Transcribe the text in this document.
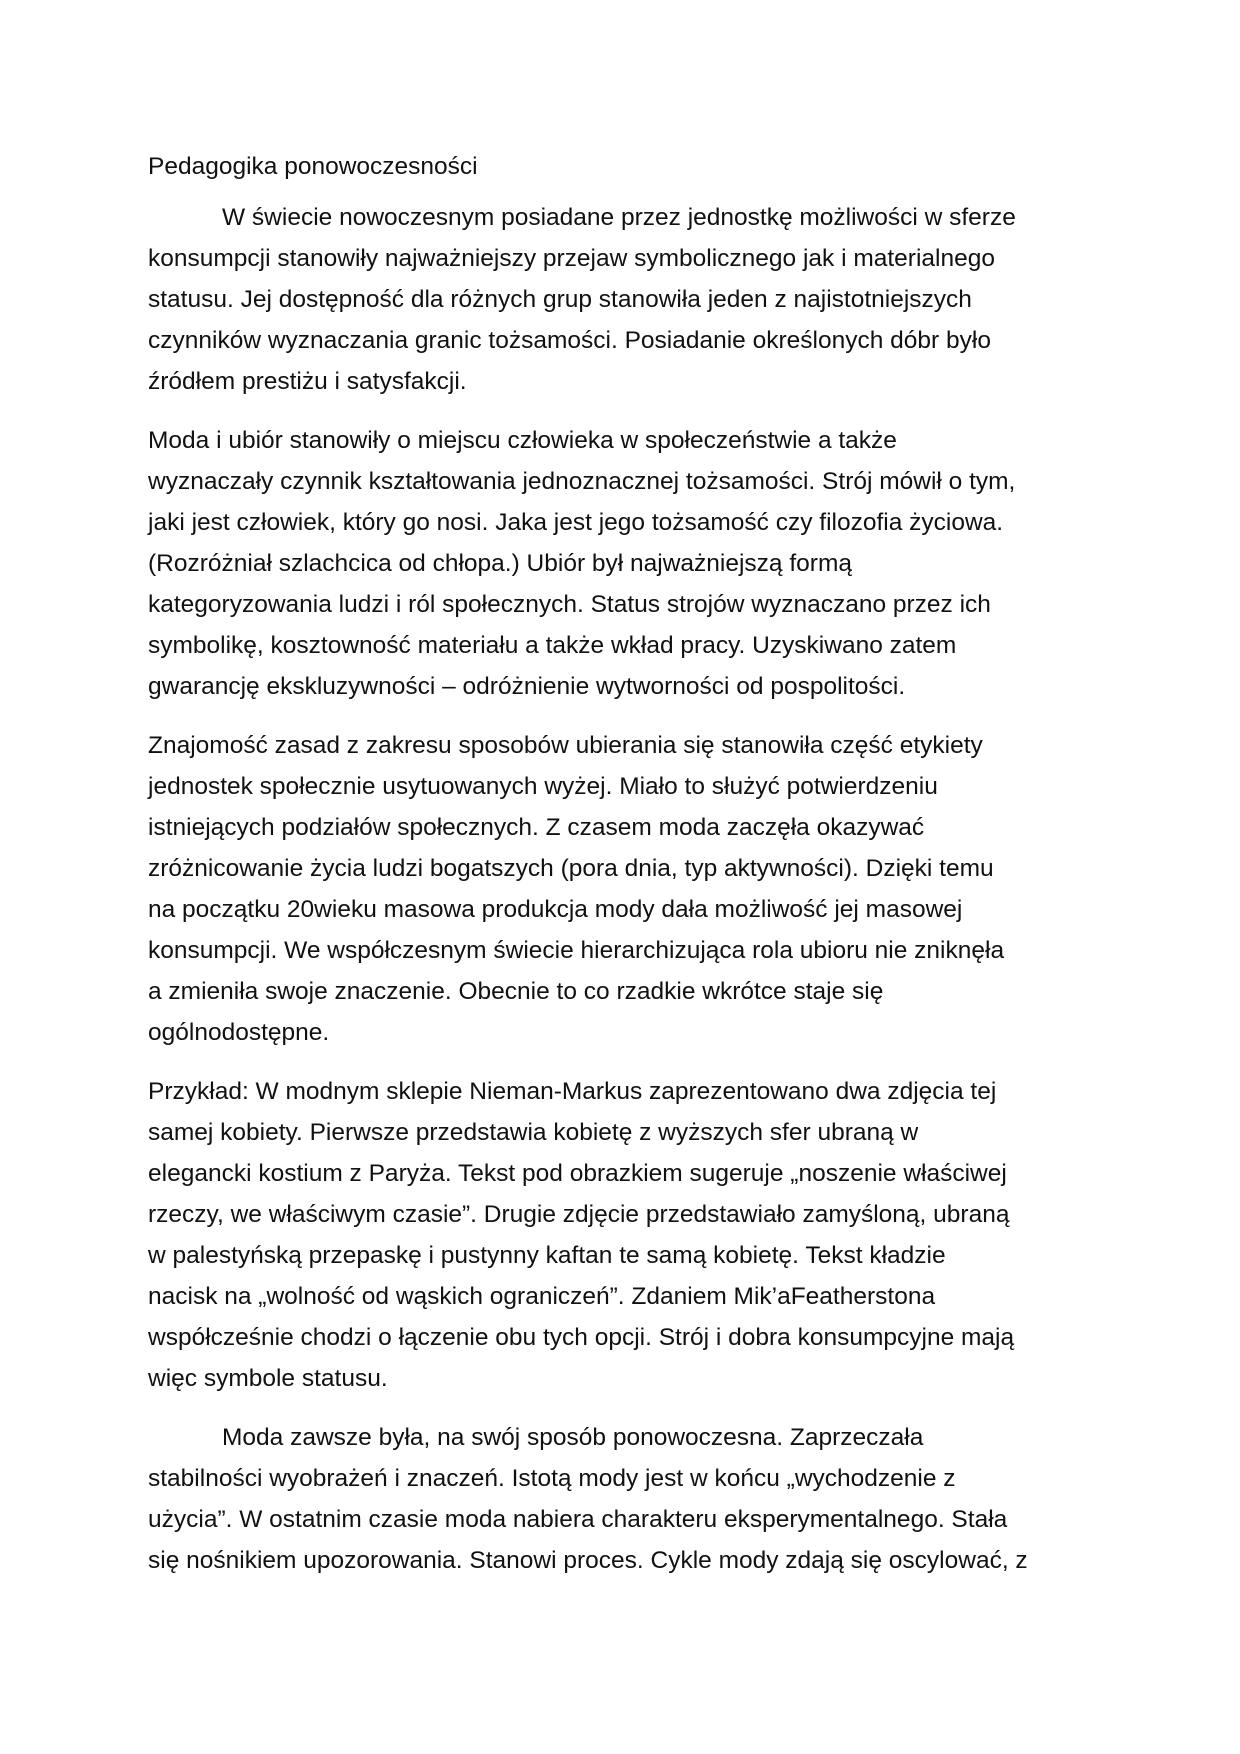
Pedagogika ponowoczesności
W świecie nowoczesnym posiadane przez jednostkę możliwości w sferze
konsumpcji stanowiły najważniejszy przejaw symbolicznego jak i materialnego
statusu. Jej dostępność dla różnych grup stanowiła jeden z najistotniejszych
czynników wyznaczania granic tożsamości. Posiadanie określonych dóbr było
źródłem prestiżu i satysfakcji.
Moda i ubiór stanowiły o miejscu człowieka w społeczeństwie a także
wyznaczały czynnik kształtowania jednoznacznej tożsamości. Strój mówił o tym,
jaki jest człowiek, który go nosi. Jaka jest jego tożsamość czy filozofia życiowa.
(Rozróżniał szlachcica od chłopa.) Ubiór był najważniejszą formą
kategoryzowania ludzi i ról społecznych. Status strojów wyznaczano przez ich
symbolikę, kosztowność materiału a także wkład pracy. Uzyskiwano zatem
gwarancję ekskluzywności – odróżnienie wytworności od pospolitości.
Znajomość zasad z zakresu sposobów ubierania się stanowiła część etykiety
jednostek społecznie usytuowanych wyżej. Miało to służyć potwierdzeniu
istniejących podziałów społecznych. Z czasem moda zaczęła okazywać
zróżnicowanie życia ludzi bogatszych (pora dnia, typ aktywności). Dzięki temu
na początku 20wieku masowa produkcja mody dała możliwość jej masowej
konsumpcji. We współczesnym świecie hierarchizująca rola ubioru nie zniknęła
a zmieniła swoje znaczenie. Obecnie to co rzadkie wkrótce staje się
ogólnodostępne.
Przykład: W modnym sklepie Nieman-Markus zaprezentowano dwa zdjęcia tej
samej kobiety. Pierwsze przedstawia kobietę z wyższych sfer ubraną w
elegancki kostium z Paryża. Tekst pod obrazkiem sugeruje „noszenie właściwej
rzeczy, we właściwym czasie”. Drugie zdjęcie przedstawiało zamyśloną, ubraną
w palestyńską przepaskę i pustynny kaftan te samą kobietę. Tekst kładzie
nacisk na „wolność od wąskich ograniczeń”. Zdaniem Mik’aFeatherstona
współcześnie chodzi o łączenie obu tych opcji. Strój i dobra konsumpcyjne mają
więc symbole statusu.
Moda zawsze była, na swój sposób ponowoczesna. Zaprzeczała
stabilności wyobrażeń i znaczeń. Istotą mody jest w końcu „wychodzenie z
użycia”. W ostatnim czasie moda nabiera charakteru eksperymentalnego. Stała
się nośnikiem upozorowania. Stanowi proces. Cykle mody zdają się oscylować, z
